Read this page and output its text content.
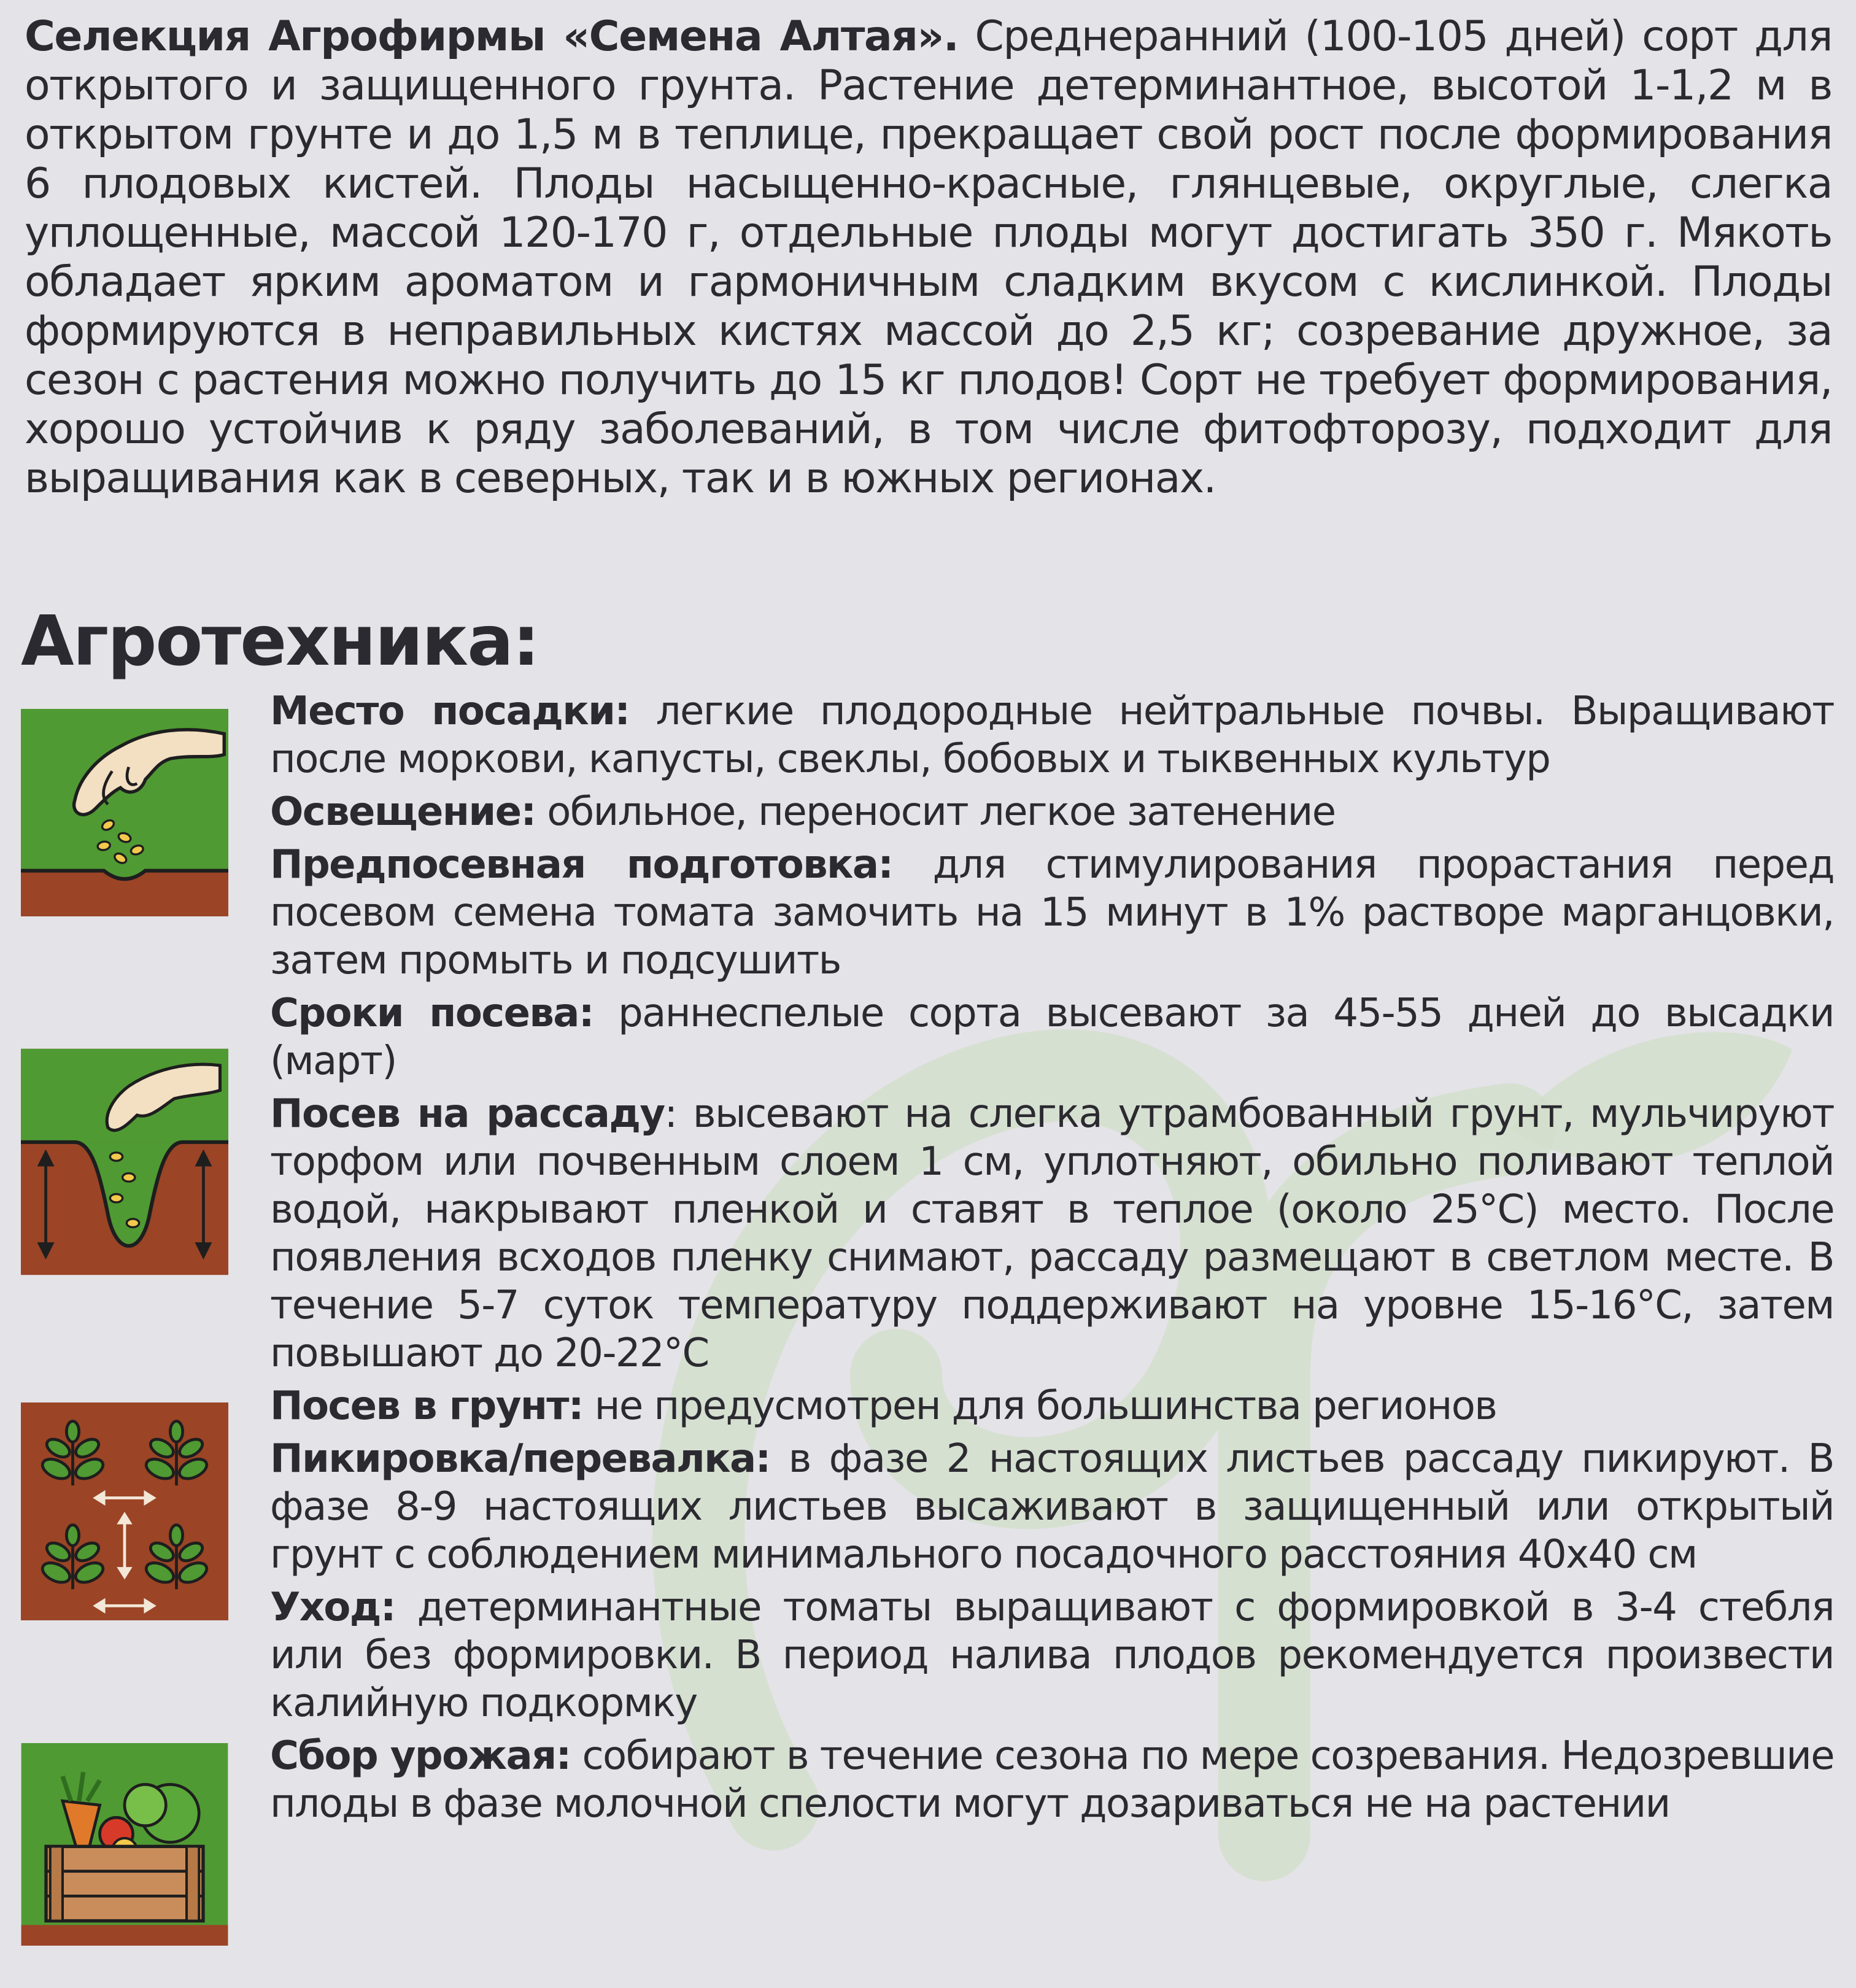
Селекция Агрофирмы «Семена Алтая». Среднеранний (100-105 дней) сорт для открытого и защищенного грунта. Растение детерминантное, высотой 1-1,2 м в открытом грунте и до 1,5 м в теплице, прекращает свой рост после формирования 6 плодовых кистей. Плоды насыщенно-красные, глянцевые, округлые, слегка уплощенные, массой 120-170 г, отдельные плоды могут достигать 350 г. Мякоть обладает ярким ароматом и гармоничным сладким вкусом с кислинкой. Плоды формируются в неправильных кистях массой до 2,5 кг; созревание дружное, за сезон с растения можно получить до 15 кг плодов! Сорт не требует формирования, хорошо устойчив к ряду заболеваний, в том числе фитофторозу, подходит для выращивания как в северных, так и в южных регионах.

Агротехника:

Место посадки: легкие плодородные нейтральные почвы. Выращивают после моркови, капусты, свеклы, бобовых и тыквенных культур

Освещение: обильное, переносит легкое затенение

Предпосевная подготовка: для стимулирования прорастания перед посевом семена томата замочить на 15 минут в 1% растворе марганцовки, затем промыть и подсушить

Сроки посева: раннеспелые сорта высевают за 45-55 дней до высадки (март)

Посев на рассаду: высевают на слегка утрамбованный грунт, мульчируют торфом или почвенным слоем 1 см, уплотняют, обильно поливают теплой водой, накрывают пленкой и ставят в теплое (около 25°С) место. После появления всходов пленку снимают, рассаду размещают в светлом месте. В течение 5-7 суток температуру поддерживают на уровне 15-16°С, затем повышают до 20-22°С

Посев в грунт: не предусмотрен для большинства регионов

Пикировка/перевалка: в фазе 2 настоящих листьев рассаду пикируют. В фазе 8-9 настоящих листьев высаживают в защищенный или открытый грунт с соблюдением минимального посадочного расстояния 40х40 см

Уход: детерминантные томаты выращивают с формировкой в 3-4 стебля или без формировки. В период налива плодов рекомендуется произвести калийную подкормку

Сбор урожая: собирают в течение сезона по мере созревания. Недозревшие плоды в фазе молочной спелости могут дозариваться не на растении
